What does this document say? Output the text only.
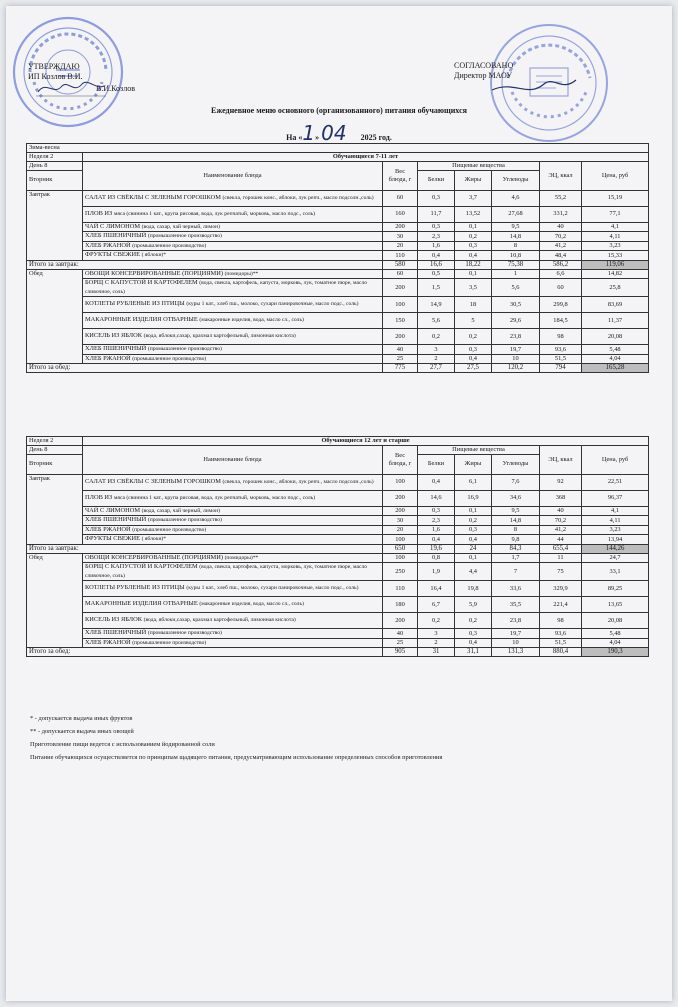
УТВЕРЖДАЮ
ИП Козлов В.И.
В.И.Козлов
СОГЛАСОВАНО
Директор МАОУ
Ежедневное меню основного (организованного) питания обучающихся
На «1» 04 2025 год.
Зима-весна							
Неделя 2	Обучающиеся 7-11 лет						
День 8	Наименование блюда	Вес блюда, г	Пищевые вещества			ЭЦ, ккал	Цена, руб
Вторник			Белки	Жиры	Углеводы		
Завтрак	САЛАТ ИЗ СВЁКЛЫ С ЗЕЛЕНЫМ ГОРОШКОМ (свекла, горошек конс., яблоки, лук репч., масло подсолн.,соль)	60	0,3	3,7	4,6	55,2	15,19
	ПЛОВ ИЗ мяса (свинина 1 кат., крупа рисовая, вода, лук репчатый, морковь, масло подс., соль)	160	11,7	13,52	27,68	331,2	77,1
	ЧАЙ С ЛИМОНОМ (вода, сахар, чай черный, лимон)	200	0,3	0,1	9,5	40	4,1
	ХЛЕБ ПШЕНИЧНЫЙ (промышленное производство)	30	2,3	0,2	14,8	70,2	4,11
	ХЛЕБ РЖАНОЙ (промышленное производство)	20	1,6	0,3	8	41,2	3,23
	ФРУКТЫ СВЕЖИЕ ( яблоки)*	110	0,4	0,4	10,8	48,4	15,33
Итого за завтрак:		580	16,6	18,22	75,38	586,2	119,06
Обед	ОВОЩИ КОНСЕРВИРОВАННЫЕ (ПОРЦИЯМИ) (помидоры)**	60	0,5	0,1	1	6,6	14,82
	БОРЩ С КАПУСТОЙ И КАРТОФЕЛЕМ (вода, свекла, картофель, капуста, морковь, лук, томатное пюре, масло сливочное, соль)	200	1,5	3,5	5,6	60	25,8
	КОТЛЕТЫ РУБЛЕНЫЕ ИЗ ПТИЦЫ (куры 1 кат., хлеб пш., молоко, сухари панировочные, масло подс., соль)	100	14,9	18	30,5	299,8	83,69
	МАКАРОННЫЕ ИЗДЕЛИЯ ОТВАРНЫЕ (макаронные изделия, вода, масло сл., соль)	150	5,6	5	29,6	184,5	11,37
	КИСЕЛЬ ИЗ ЯБЛОК (вода, яблоки,сахар, крахмал картофельный, лимонная кислота)	200	0,2	0,2	23,8	98	20,08
	ХЛЕБ ПШЕНИЧНЫЙ (промышленное производство)	40	3	0,3	19,7	93,6	5,48
	ХЛЕБ РЖАНОЙ (промышленное производство)	25	2	0,4	10	51,5	4,04
Итого за обед:		775	27,7	27,5	120,2	794	165,28
Неделя 2	Обучающиеся 12 лет и старше						
День 8	Наименование блюда	Вес блюда, г	Пищевые вещества			ЭЦ, ккал	Цена, руб
Вторник			Белки	Жиры	Углеводы		
Завтрак	САЛАТ ИЗ СВЁКЛЫ С ЗЕЛЕНЫМ ГОРОШКОМ (свекла, горошек конс., яблоки, лук репч., масло подсолн.,соль)	100	0,4	6,1	7,6	92	22,51
	ПЛОВ ИЗ мяса (свинина 1 кат., крупа рисовая, вода, лук репчатый, морковь, масло подс., соль)	200	14,6	16,9	34,6	368	96,37
	ЧАЙ С ЛИМОНОМ (вода, сахар, чай черный, лимон)	200	0,3	0,1	9,5	40	4,1
	ХЛЕБ ПШЕНИЧНЫЙ (промышленное производство)	30	2,3	0,2	14,8	70,2	4,11
	ХЛЕБ РЖАНОЙ (промышленное производство)	20	1,6	0,3	8	41,2	3,23
	ФРУКТЫ СВЕЖИЕ ( яблоки)*	100	0,4	0,4	9,8	44	13,94
Итого за завтрак:		650	19,6	24	84,3	655,4	144,26
Обед	ОВОЩИ КОНСЕРВИРОВАННЫЕ (ПОРЦИЯМИ) (помидоры)**	100	0,8	0,1	1,7	11	24,7
	БОРЩ С КАПУСТОЙ И КАРТОФЕЛЕМ (вода, свекла, картофель, капуста, морковь, лук, томатное пюре, масло сливочное, соль)	250	1,9	4,4	7	75	33,1
	КОТЛЕТЫ РУБЛЕНЫЕ ИЗ ПТИЦЫ (куры 1 кат., хлеб пш., молоко, сухари панировочные, масло подс., соль)	110	16,4	19,8	33,6	329,9	89,25
	МАКАРОННЫЕ ИЗДЕЛИЯ ОТВАРНЫЕ (макаронные изделия, вода, масло сл., соль)	180	6,7	5,9	35,5	221,4	13,65
	КИСЕЛЬ ИЗ ЯБЛОК (вода, яблоки,сахар, крахмал картофельный, лимонная кислота)	200	0,2	0,2	23,8	98	20,08
	ХЛЕБ ПШЕНИЧНЫЙ (промышленное производство)	40	3	0,3	19,7	93,6	5,48
	ХЛЕБ РЖАНОЙ (промышленное производство)	25	2	0,4	10	51,5	4,04
Итого за обед:		905	31	31,1	131,3	880,4	190,3
* - допускается выдача иных фруктов
** - допускается выдача иных овощей
Приготовление пищи ведется с использованием йодированной соли
Питание обучающихся осуществляется по принципам щадящего питания, предусматривающим использование определенных способов приготовления
